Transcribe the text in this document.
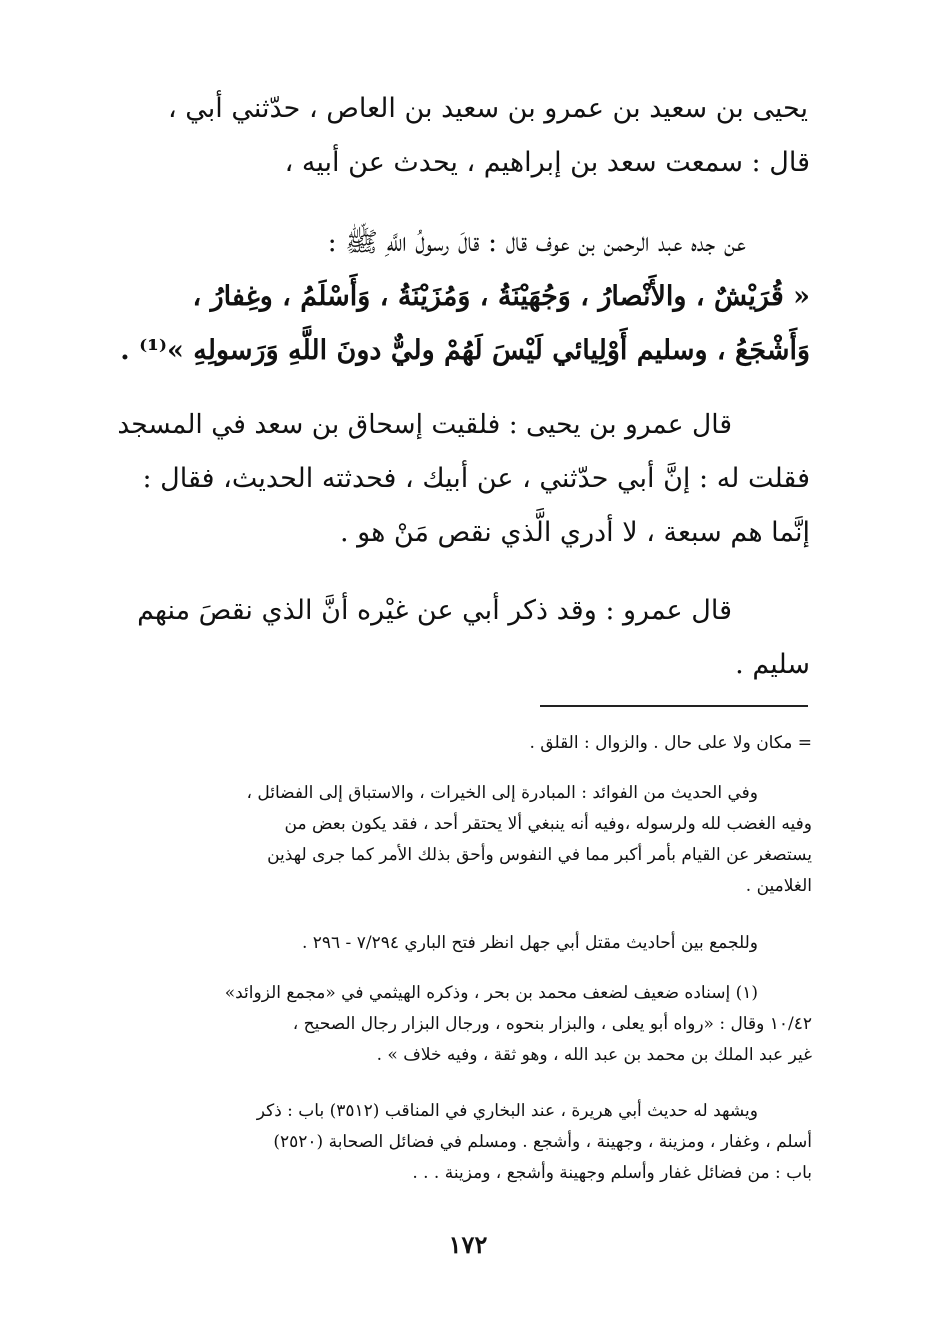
يحيى بن سعيد بن عمرو بن سعيد بن العاص ، حدّثني أبي ،
قال : سمعت سعد بن إبراهيم ، يحدث عن أبيه ،
عن جده عبد الرحمن بن عوف قال : قالَ رسولُ اللَّهِ ﷺ :
« قُرَيْشٌ ، والأَنْصارُ ، وَجُهَيْنَةُ ، وَمُزَيْنَةُ ، وَأَسْلَمُ ، وغِفارُ ،
وَأَشْجَعُ ، وسليم أَوْلِيائي لَيْسَ لَهُمْ وليٌّ دونَ اللَّهِ وَرَسولِهِ »⁽¹⁾ .
قال عمرو بن يحيى : فلقيت إسحاق بن سعد في المسجد
فقلت له : إنَّ أبي حدّثني ، عن أبيك ، فحدثته الحديث، فقال :
إنَّما هم سبعة ، لا أدري الَّذي نقص مَنْ هو .
قال عمرو : وقد ذكر أبي عن غيْره أنَّ الذي نقصَ منهم
سليم .
= مكان ولا على حال . والزوال : القلق .
وفي الحديث من الفوائد : المبادرة إلى الخيرات ، والاستباق إلى الفضائل ،
وفيه الغضب لله ولرسوله ،وفيه أنه ينبغي ألا يحتقر أحد ، فقد يكون بعض من
يستصغر عن القيام بأمر أكبر مما في النفوس وأحق بذلك الأمر كما جرى لهذين
الغلامين .
وللجمع بين أحاديث مقتل أبي جهل انظر فتح الباري ٧/٢٩٤ - ٢٩٦ .
(١) إسناده ضعيف لضعف محمد بن بحر ، وذكره الهيثمي في «مجمع الزوائد»
١٠/٤٢ وقال : «رواه أبو يعلى ، والبزار بنحوه ، ورجال البزار رجال الصحيح ،
غير عبد الملك بن محمد بن عبد الله ، وهو ثقة ، وفيه خلاف » .
ويشهد له حديث أبي هريرة ، عند البخاري في المناقب (٣٥١٢) باب : ذكر
أسلم ، وغفار ، ومزينة ، وجهينة ، وأشجع . ومسلم في فضائل الصحابة (٢٥٢٠)
باب : من فضائل غفار وأسلم وجهينة وأشجع ، ومزينة . . .
١٧٢
